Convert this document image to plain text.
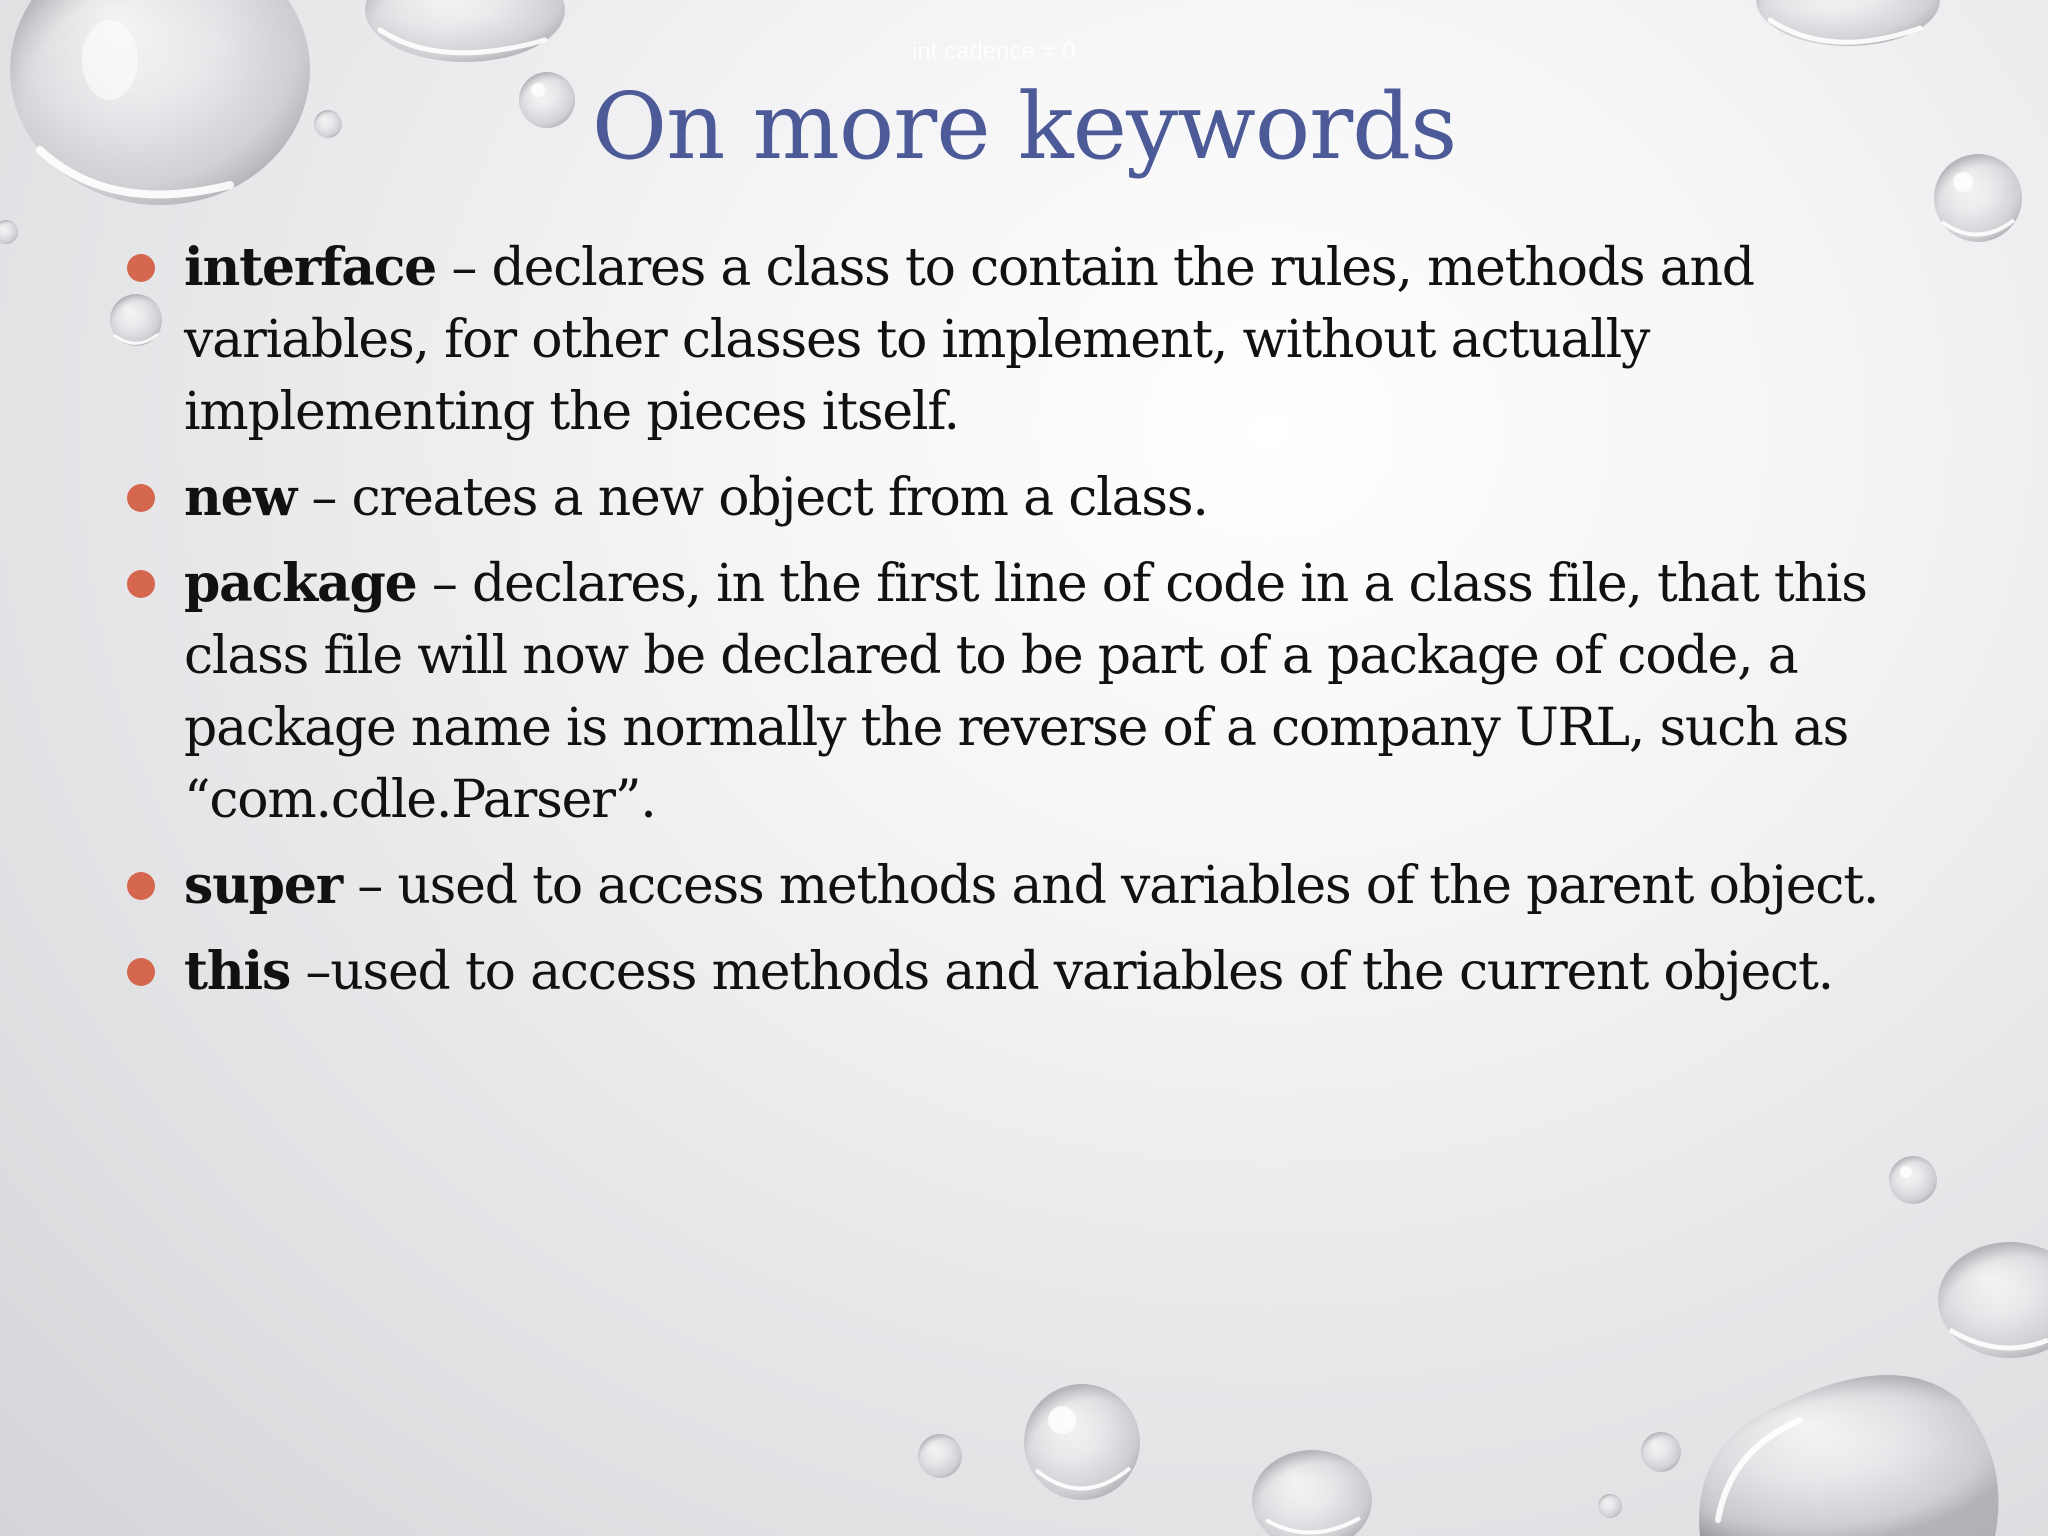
int cadence = 0

On more keywords
interface – declares a class to contain the rules, methods and variables, for other classes to implement, without actually implementing the pieces itself.
new – creates a new object from a class.
package – declares, in the first line of code in a class file, that this class file will now be declared to be part of a package of code, a package name is normally the reverse of a company URL, such as “com.cdle.Parser”.
super – used to access methods and variables of the parent object.
this –used to access methods and variables of the current object.
